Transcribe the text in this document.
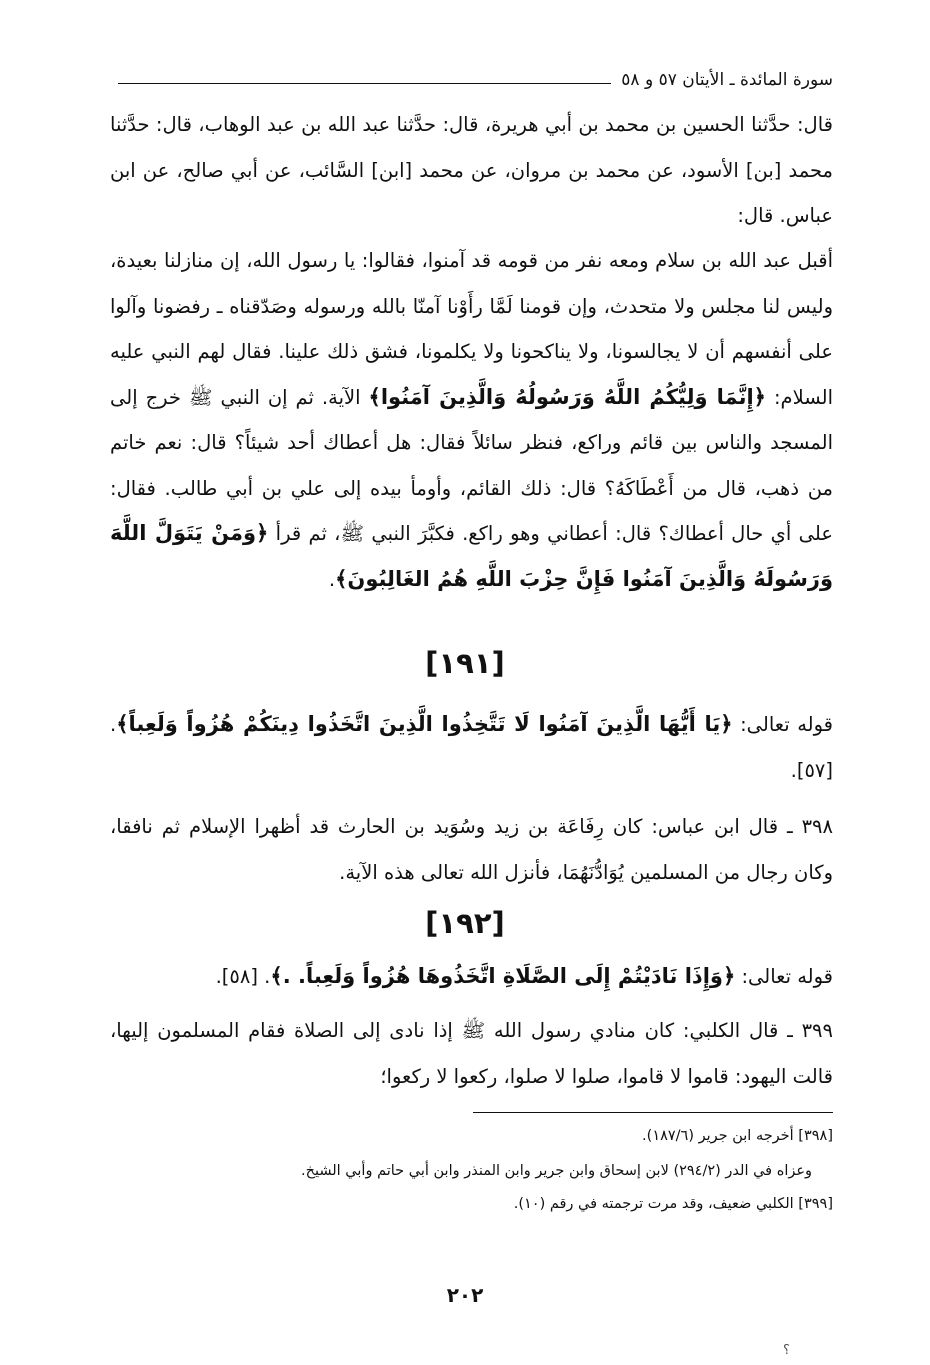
سورة المائدة ـ الأيتان ٥٧ و ٥٨

قال: حدَّثنا الحسين بن محمد بن أبي هريرة، قال: حدَّثنا عبد الله بن عبد الوهاب، قال: حدَّثنا محمد [بن] الأسود، عن محمد بن مروان، عن محمد [ابن] السَّائب، عن أبي صالح، عن ابن عباس. قال:

أقبل عبد الله بن سلام ومعه نفر من قومه قد آمنوا، فقالوا: يا رسول الله، إن منازلنا بعيدة، وليس لنا مجلس ولا متحدث، وإن قومنا لَمَّا رأَوْنا آمنّا بالله ورسوله وصَدّقناه ـ رفضونا وآلوا على أنفسهم أن لا يجالسونا، ولا يناكحونا ولا يكلمونا، فشق ذلك علينا. فقال لهم النبي عليه السلام: ﴿إِنَّمَا وَلِيُّكُمُ اللَّهُ وَرَسُولُهُ وَالَّذِينَ آمَنُوا﴾ الآية. ثم إن النبي ﷺ خرج إلى المسجد والناس بين قائم وراكع، فنظر سائلاً فقال: هل أعطاك أحد شيئاً؟ قال: نعم خاتم من ذهب، قال من أَعْطَاكَهُ؟ قال: ذلك القائم، وأومأ بيده إلى علي بن أبي طالب. فقال: على أي حال أعطاك؟ قال: أعطاني وهو راكع. فكبَّرَ النبي ﷺ، ثم قرأ ﴿وَمَنْ يَتَوَلَّ اللَّهَ وَرَسُولَهُ وَالَّذِينَ آمَنُوا فَإِنَّ حِزْبَ اللَّهِ هُمُ الغَالِبُونَ﴾.

[١٩١]

قوله تعالى: ﴿يَا أَيُّهَا الَّذِينَ آمَنُوا لَا تَتَّخِذُوا الَّذِينَ اتَّخَذُوا دِينَكُمْ هُزُواً وَلَعِباً﴾. [٥٧].

٣٩٨ ـ قال ابن عباس: كان رِفَاعَة بن زيد وسُوَيد بن الحارث قد أظهرا الإسلام ثم نافقا، وكان رجال من المسلمين يُوَادُّنَهُمَا، فأنزل الله تعالى هذه الآية.

[١٩٢]

قوله تعالى: ﴿وَإِذَا نَادَيْتُمْ إِلَى الصَّلَاةِ اتَّخَذُوهَا هُزُواً وَلَعِباً. .﴾. [٥٨].

٣٩٩ ـ قال الكلبي: كان منادي رسول الله ﷺ إذا نادى إلى الصلاة فقام المسلمون إليها، قالت اليهود: قاموا لا قاموا، صلوا لا صلوا، ركعوا لا ركعوا؛

[٣٩٨] أخرجه ابن جرير (١٨٧/٦).

وعزاه في الدر (٢٩٤/٢) لابن إسحاق وابن جرير وابن المنذر وابن أبي حاتم وأبي الشيخ.

[٣٩٩] الكلبي ضعيف، وقد مرت ترجمته في رقم (١٠).

٢٠٢
؟
